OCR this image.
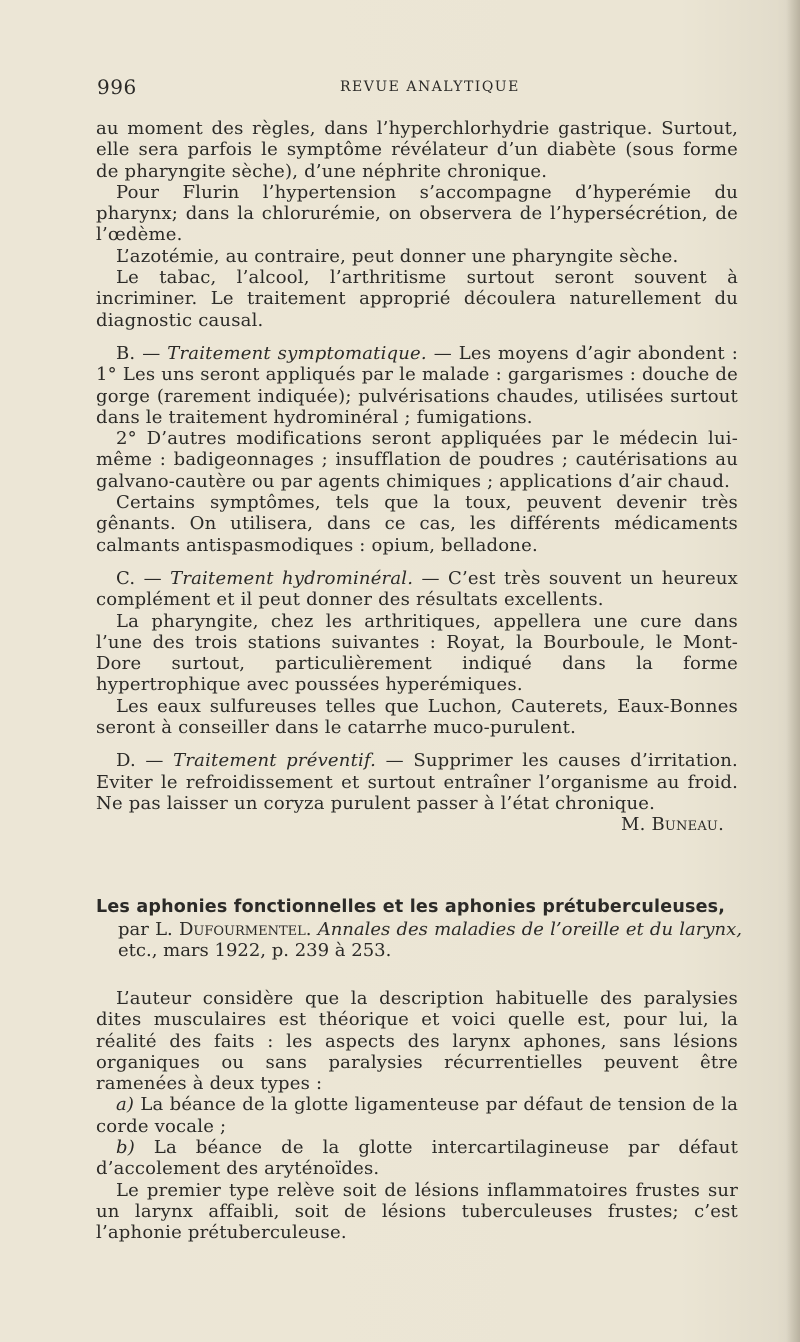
996	REVUE ANALYTIQUE

au moment des règles, dans l’hyperchlorhydrie gastrique. Surtout, elle sera parfois le symptôme révélateur d’un diabète (sous forme de pharyngite sèche), d’une néphrite chronique.

Pour Flurin l’hypertension s’accompagne d’hyperémie du pharynx; dans la chlorurémie, on observera de l’hypersécrétion, de l’œdème.

L’azotémie, au contraire, peut donner une pharyngite sèche.

Le tabac, l’alcool, l’arthritisme surtout seront souvent à incriminer. Le traitement approprié découlera naturellement du diagnostic causal.

B. — Traitement symptomatique. — Les moyens d’agir abondent : 1° Les uns seront appliqués par le malade : gargarismes : douche de gorge (rarement indiquée); pulvérisations chaudes, utilisées surtout dans le traitement hydrominéral ; fumigations.

2° D’autres modifications seront appliquées par le médecin lui-même : badigeonnages ; insufflation de poudres ; cautérisations au galvano-cautère ou par agents chimiques ; applications d’air chaud.

Certains symptômes, tels que la toux, peuvent devenir très gênants. On utilisera, dans ce cas, les différents médicaments calmants antispasmodiques : opium, belladone.

C. — Traitement hydrominéral. — C’est très souvent un heureux complément et il peut donner des résultats excellents.

La pharyngite, chez les arthritiques, appellera une cure dans l’une des trois stations suivantes : Royat, la Bourboule, le Mont-Dore surtout, particulièrement indiqué dans la forme hypertrophique avec poussées hyperémiques.

Les eaux sulfureuses telles que Luchon, Cauterets, Eaux-Bonnes seront à conseiller dans le catarrhe muco-purulent.

D. — Traitement préventif. — Supprimer les causes d’irritation. Eviter le refroidissement et surtout entraîner l’organisme au froid. Ne pas laisser un coryza purulent passer à l’état chronique.

M. Buneau.

Les aphonies fonctionnelles et les aphonies prétuberculeuses,
par L. Dufourmentel. Annales des maladies de l’oreille et du larynx, etc., mars 1922, p. 239 à 253.

L’auteur considère que la description habituelle des paralysies dites musculaires est théorique et voici quelle est, pour lui, la réalité des faits : les aspects des larynx aphones, sans lésions organiques ou sans paralysies récurrentielles peuvent être ramenées à deux types :

a) La béance de la glotte ligamenteuse par défaut de tension de la corde vocale ;

b) La béance de la glotte intercartilagineuse par défaut d’accolement des aryténoïdes.

Le premier type relève soit de lésions inflammatoires frustes sur un larynx affaibli, soit de lésions tuberculeuses frustes; c’est l’aphonie prétuberculeuse.
